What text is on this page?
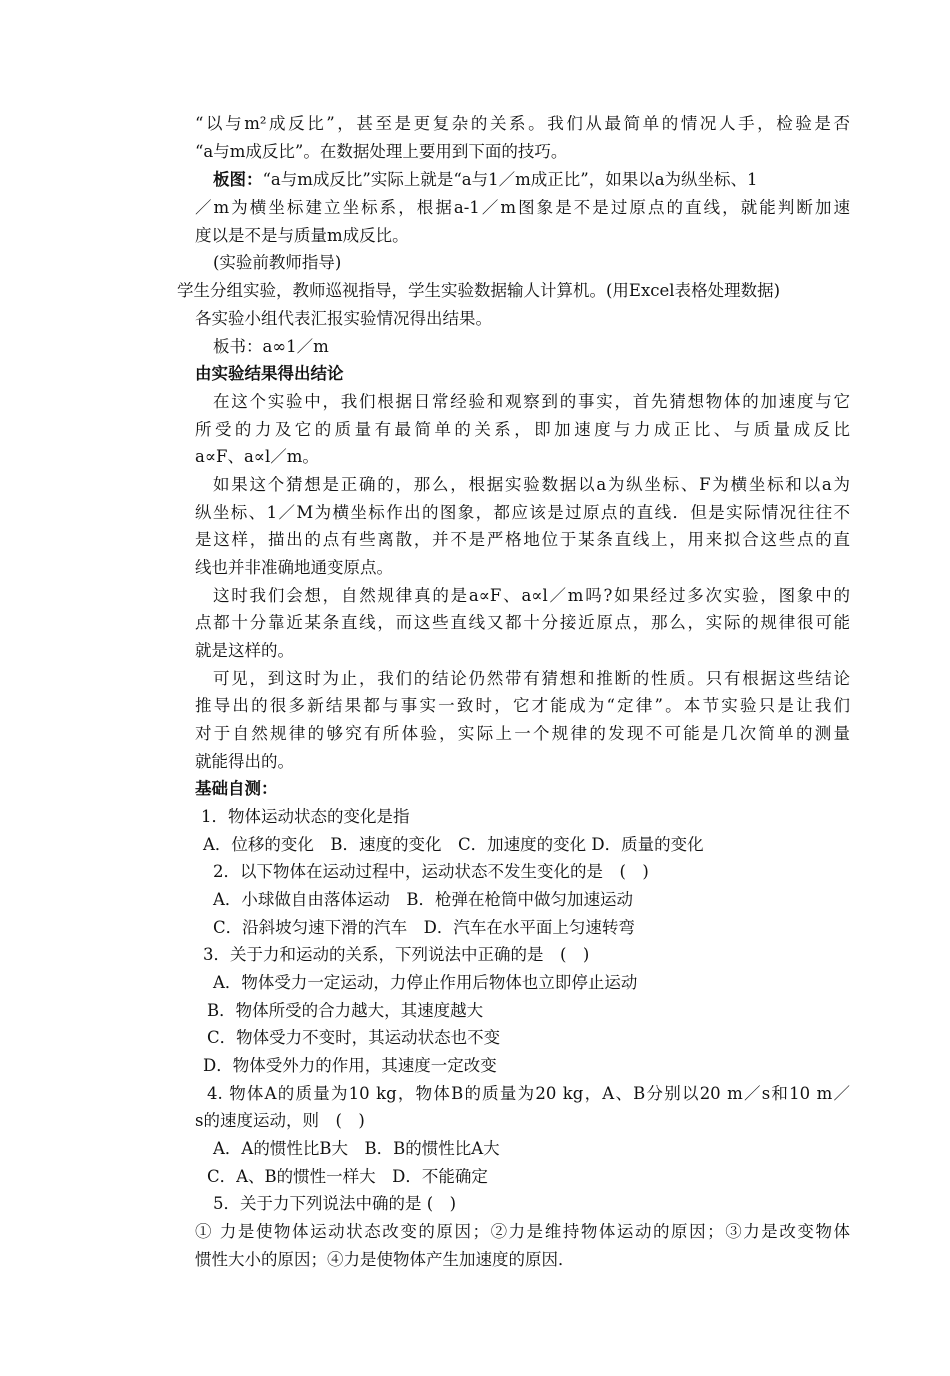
“以与m²成反比”，甚至是更复杂的关系。我们从最简单的情况人手，检验是否
“a与m成反比”。在数据处理上要用到下面的技巧。
板图：“a与m成反比”实际上就是“a与1／m成正比”，如果以a为纵坐标、1
／m为横坐标建立坐标系，根据a-1／m图象是不是过原点的直线，就能判断加速
度以是不是与质量m成反比。
(实验前教师指导)
学生分组实验，教师巡视指导，学生实验数据输人计算机。(用Excel表格处理数据)
各实验小组代表汇报实验情况得出结果。
板书：a∞1／m
由实验结果得出结论
在这个实验中，我们根据日常经验和观察到的事实，首先猜想物体的加速度与它
所受的力及它的质量有最简单的关系，即加速度与力成正比、与质量成反比
a∝F、a∝l／m。
如果这个猜想是正确的，那么，根据实验数据以a为纵坐标、F为横坐标和以a为
纵坐标、1／M为横坐标作出的图象，都应该是过原点的直线．但是实际情况往往不
是这样，描出的点有些离散，并不是严格地位于某条直线上，用来拟合这些点的直
线也并非准确地通变原点。
这时我们会想，自然规律真的是a∝F、a∝l／m吗?如果经过多次实验，图象中的
点都十分靠近某条直线，而这些直线又都十分接近原点，那么，实际的规律很可能
就是这样的。
可见，到这时为止，我们的结论仍然带有猜想和推断的性质。只有根据这些结论
推导出的很多新结果都与事实一致时，它才能成为“定律”。本节实验只是让我们
对于自然规律的够究有所体验，实际上一个规律的发现不可能是几次简单的测量
就能得出的。
基础自测：
1．物体运动状态的变化是指
A．位移的变化　B．速度的变化　C．加速度的变化 D．质量的变化
2．以下物体在运动过程中，运动状态不发生变化的是　(　)
A．小球做自由落体运动　B．枪弹在枪筒中做匀加速运动
C．沿斜坡匀速下滑的汽车　D．汽车在水平面上匀速转弯
3．关于力和运动的关系，下列说法中正确的是　(　)
A．物体受力一定运动，力停止作用后物体也立即停止运动
B．物体所受的合力越大，其速度越大
C．物体受力不变时，其运动状态也不变
D．物体受外力的作用，其速度一定改变
4. 物体A的质量为10 kg，物体B的质量为20 kg，A、B分别以20 m／s和10 m／
s的速度运动，则　(　)
A．A的惯性比B大　B．B的惯性比A大
C．A、B的惯性一样大　D．不能确定
5．关于力下列说法中确的是 (　)
① 力是使物体运动状态改变的原因；②力是维持物体运动的原因；③力是改变物体
惯性大小的原因；④力是使物体产生加速度的原因．
